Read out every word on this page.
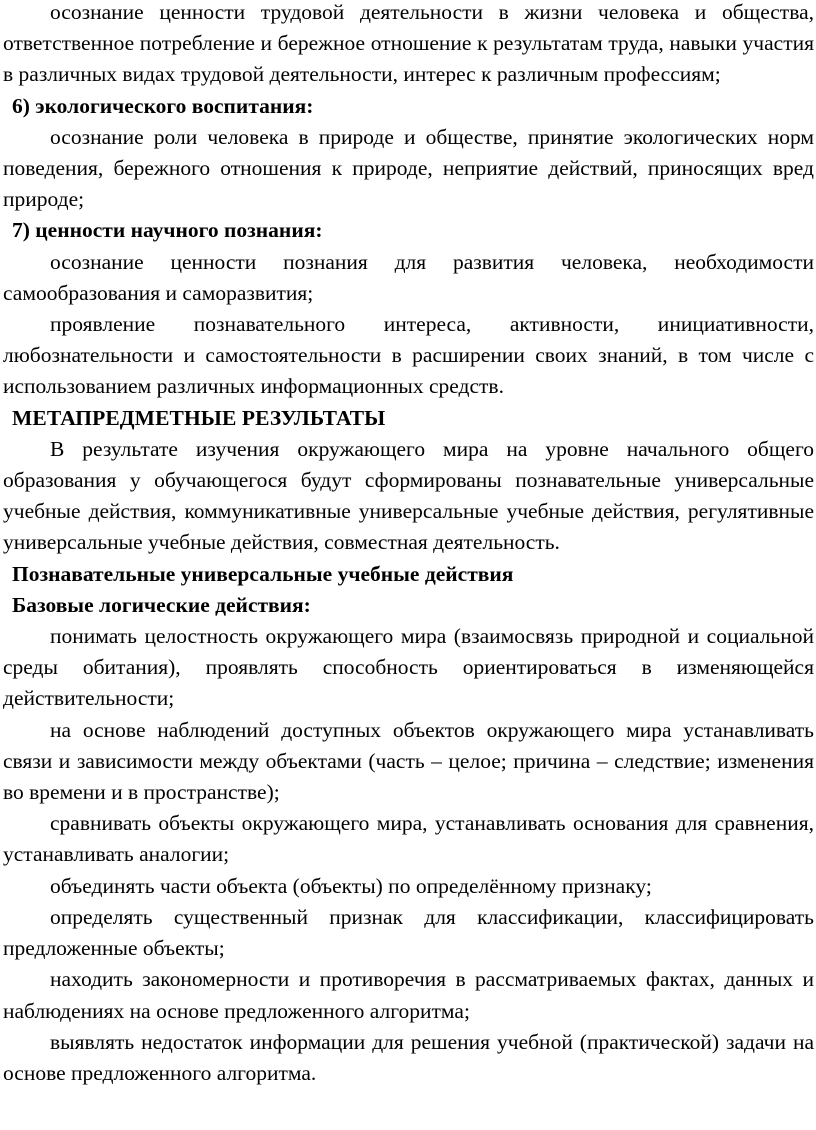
осознание ценности трудовой деятельности в жизни человека и общества, ответственное потребление и бережное отношение к результатам труда, навыки участия в различных видах трудовой деятельности, интерес к различным профессиям;

6) экологического воспитания:

осознание роли человека в природе и обществе, принятие экологических норм поведения, бережного отношения к природе, неприятие действий, приносящих вред природе;

7) ценности научного познания:

осознание ценности познания для развития человека, необходимости самообразования и саморазвития;

проявление познавательного интереса, активности, инициативности, любознательности и самостоятельности в расширении своих знаний, в том числе с использованием различных информационных средств.

МЕТАПРЕДМЕТНЫЕ РЕЗУЛЬТАТЫ

В результате изучения окружающего мира на уровне начального общего образования у обучающегося будут сформированы познавательные универсальные учебные действия, коммуникативные универсальные учебные действия, регулятивные универсальные учебные действия, совместная деятельность.

Познавательные универсальные учебные действия

Базовые логические действия:

понимать целостность окружающего мира (взаимосвязь природной и социальной среды обитания), проявлять способность ориентироваться в изменяющейся действительности;

на основе наблюдений доступных объектов окружающего мира устанавливать связи и зависимости между объектами (часть – целое; причина – следствие; изменения во времени и в пространстве);

сравнивать объекты окружающего мира, устанавливать основания для сравнения, устанавливать аналогии;

объединять части объекта (объекты) по определённому признаку;

определять существенный признак для классификации, классифицировать предложенные объекты;

находить закономерности и противоречия в рассматриваемых фактах, данных и наблюдениях на основе предложенного алгоритма;

выявлять недостаток информации для решения учебной (практической) задачи на основе предложенного алгоритма.
